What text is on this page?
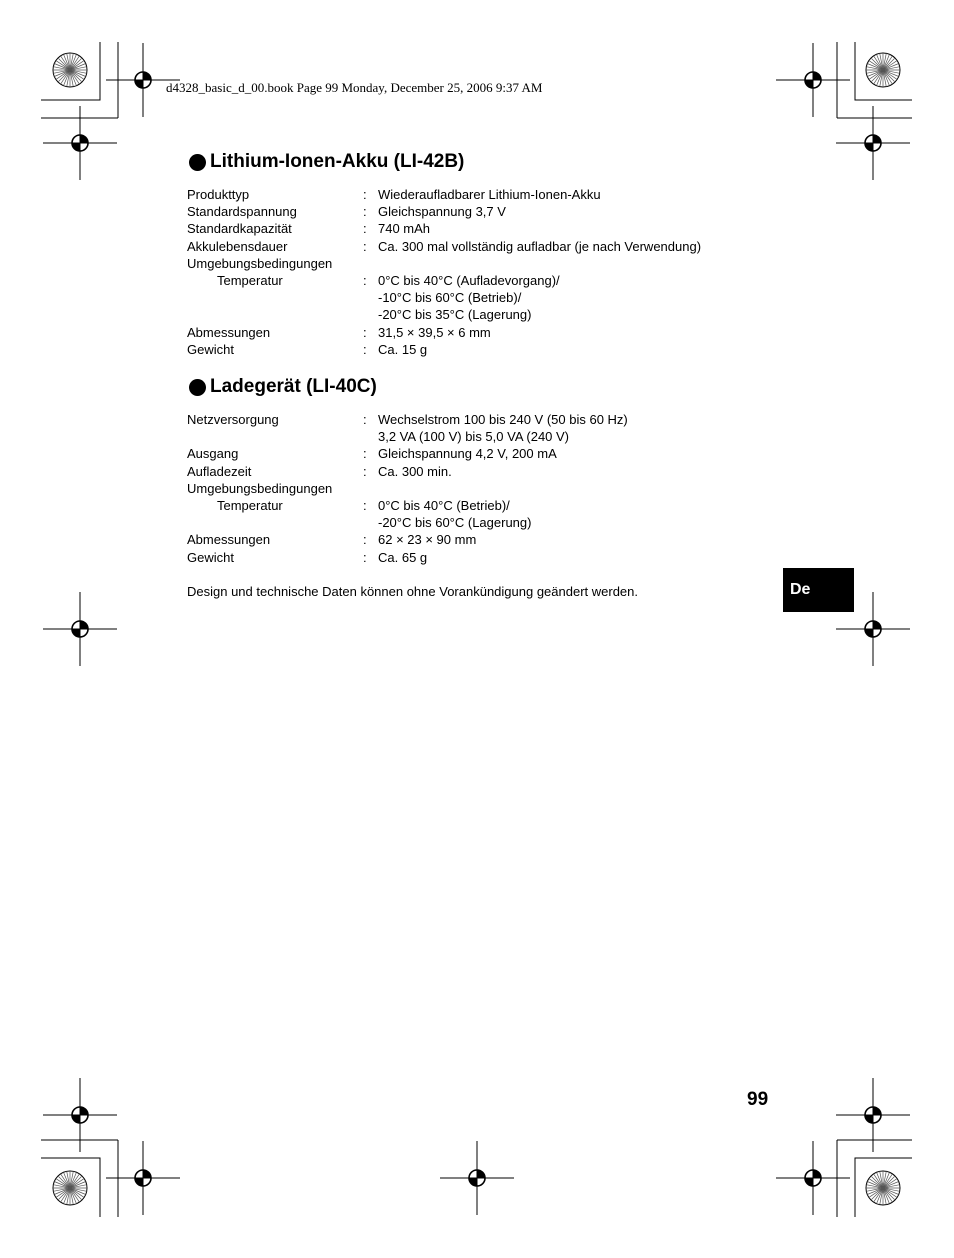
d4328_basic_d_00.book Page 99 Monday, December 25, 2006 9:37 AM
Lithium-Ionen-Akku (LI-42B)
Produkttyp	: Wiederaufladbarer Lithium-Ionen-Akku
Standardspannung	: Gleichspannung 3,7 V
Standardkapazität	: 740 mAh
Akkulebensdauer	: Ca. 300 mal vollständig aufladbar (je nach Verwendung)
Umgebungsbedingungen
Temperatur	: 0°C bis 40°C (Aufladevorgang)/
-10°C bis 60°C (Betrieb)/
-20°C bis 35°C (Lagerung)
Abmessungen	: 31,5 × 39,5 × 6 mm
Gewicht	: Ca. 15 g
Ladegerät (LI-40C)
Netzversorgung	: Wechselstrom 100 bis 240 V (50 bis 60 Hz)
3,2 VA (100 V) bis 5,0 VA (240 V)
Ausgang	: Gleichspannung 4,2 V, 200 mA
Aufladezeit	: Ca. 300 min.
Umgebungsbedingungen
Temperatur	: 0°C bis 40°C (Betrieb)/
-20°C bis 60°C (Lagerung)
Abmessungen	: 62 × 23 × 90 mm
Gewicht	: Ca. 65 g
Design und technische Daten können ohne Vorankündigung geändert werden.	De
99
